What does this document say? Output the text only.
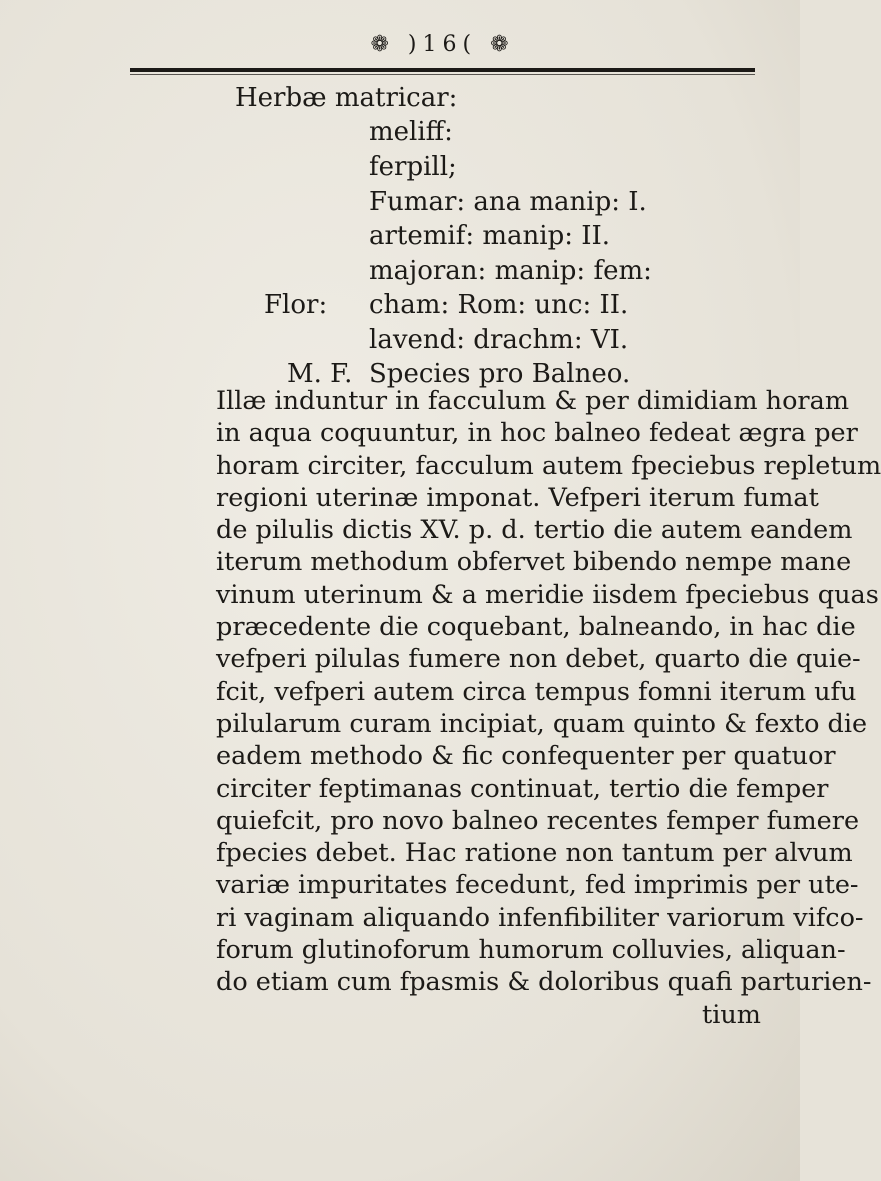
❁ )16( ❁
Herbæ matricar:
meliff:
ferpill;
Fumar: ana manip: I.
artemif: manip: II.
majoran: manip: fem:
Flor: cham: Rom: unc: II.
lavend: drachm: VI.
M. F. Species pro Balneo.
Illæ induntur in facculum & per dimidiam horam
in aqua coquuntur, in hoc balneo fedeat ægra per
horam circiter, facculum autem fpeciebus repletum
regioni uterinæ imponat. Vefperi iterum fumat
de pilulis dictis XV. p. d. tertio die autem eandem
iterum methodum obfervet bibendo nempe mane
vinum uterinum & a meridie iisdem fpeciebus quas
præcedente die coquebant, balneando, in hac die
vefperi pilulas fumere non debet, quarto die quie-
fcit, vefperi autem circa tempus fomni iterum ufu
pilularum curam incipiat, quam quinto & fexto die
eadem methodo & fic confequenter per quatuor
circiter feptimanas continuat, tertio die femper
quiefcit, pro novo balneo recentes femper fumere
fpecies debet. Hac ratione non tantum per alvum
variæ impuritates fecedunt, fed imprimis per ute-
ri vaginam aliquando infenfibiliter variorum vifco-
forum glutinoforum humorum colluvies, aliquan-
do etiam cum fpasmis & doloribus quafi parturien-
tium
